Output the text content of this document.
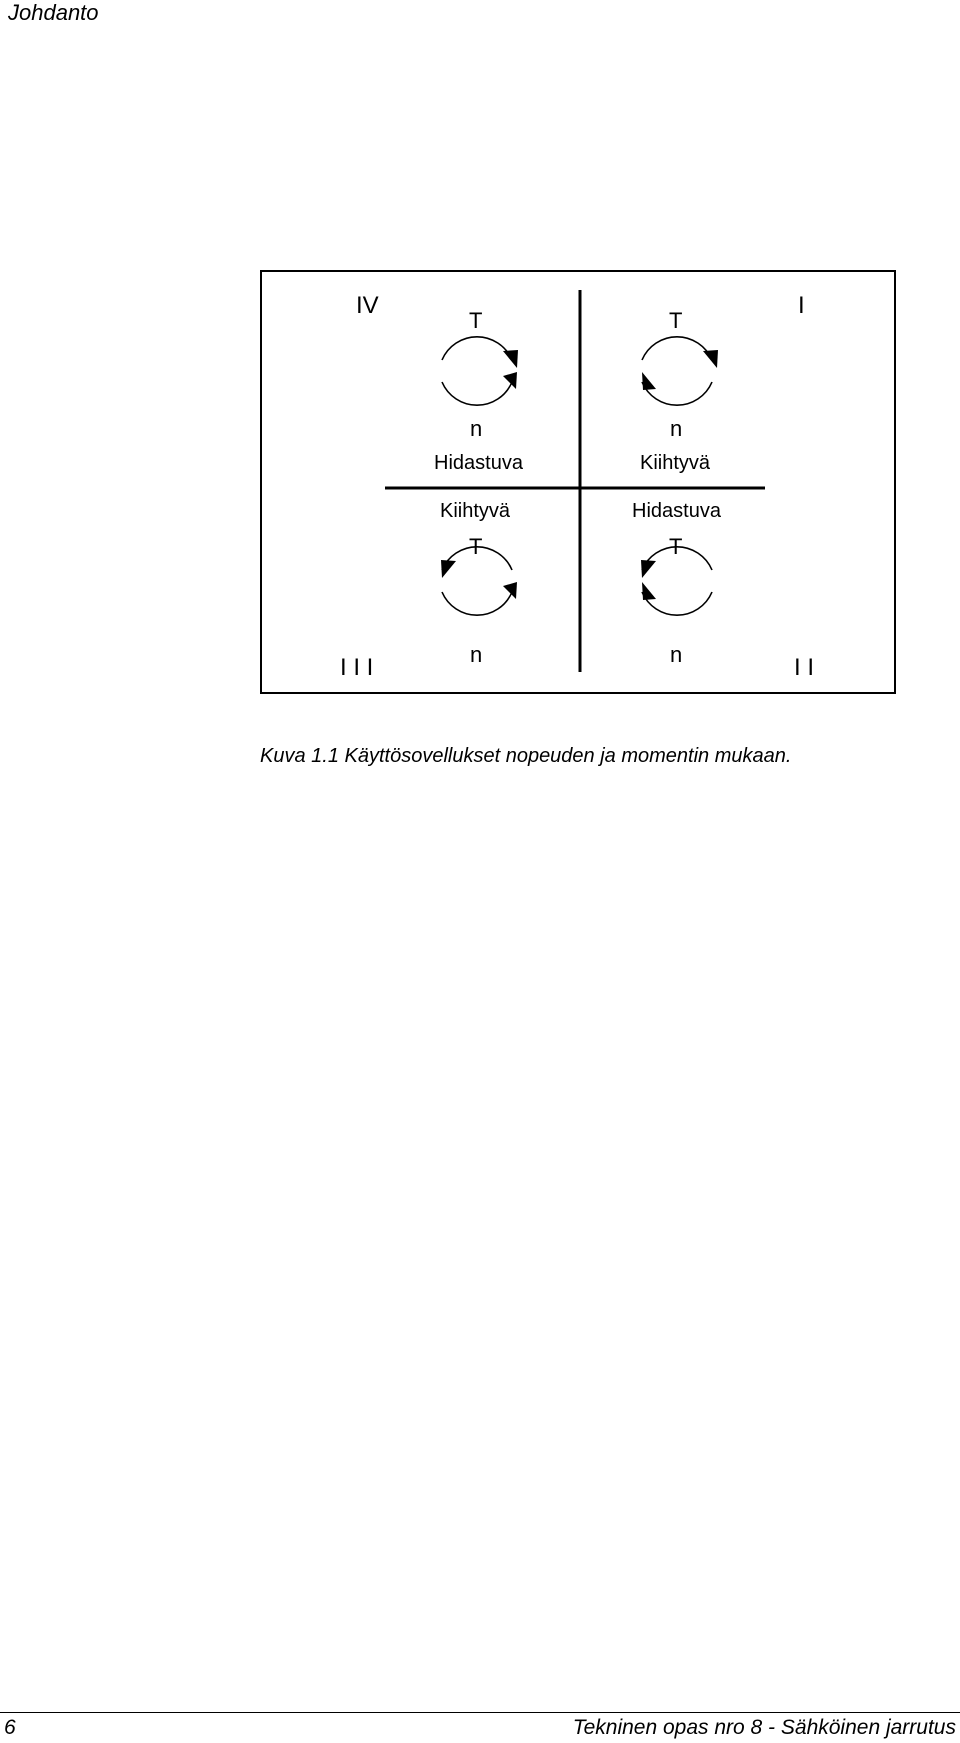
Johdanto
IV	I
I I I	I I
T
n
Hidastuva
T
n
Kiihtyvä
Kiihtyvä
T
n
Hidastuva
T
n
Kuva 1.1 Käyttösovellukset nopeuden ja momentin mukaan.
6	Tekninen opas nro 8 - Sähköinen jarrutus
